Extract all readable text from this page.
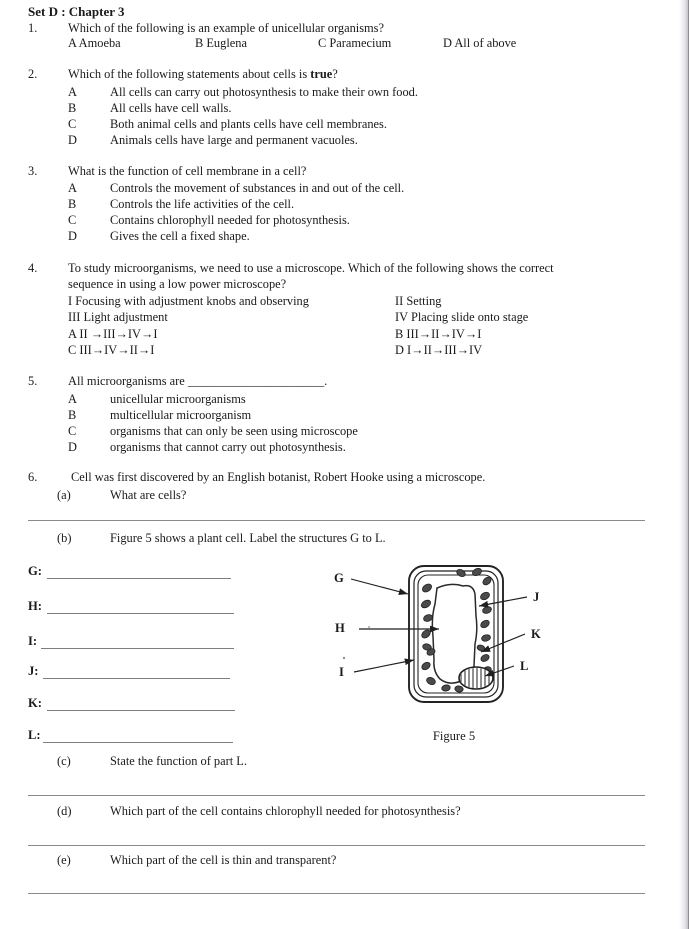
Set D : Chapter 3
1.	Which of the following is an example of unicellular organisms?
A Amoeba	B Euglena	C Paramecium	D All of above
2.	Which of the following statements about cells is true?
A	All cells can carry out photosynthesis to make their own food.
B	All cells have cell walls.
C	Both animal cells and plants cells have cell membranes.
D	Animals cells have large and permanent vacuoles.
3.	What is the function of cell membrane in a cell?
A	Controls the movement of substances in and out of the cell.
B	Controls the life activities of the cell.
C	Contains chlorophyll needed for photosynthesis.
D	Gives the cell a fixed shape.
4.	To study microorganisms, we need to use a microscope. Which of the following shows the correct
sequence in using a low power microscope?
I Focusing with adjustment knobs and observing	II Setting
III Light adjustment	IV Placing slide onto stage
A II →III→IV→I	B III→II→IV→I
C III→IV→II→I	D I→II→III→IV
5.	All microorganisms are ______________________.
A	unicellular microorganisms
B	multicellular microorganism
C	organisms that can only be seen using microscope
D	organisms that cannot carry out photosynthesis.
6.	Cell was first discovered by an English botanist, Robert Hooke using a microscope.
(a)	What are cells?
(b)	Figure 5 shows a plant cell. Label the structures G to L.
G:
H:
I:
J:
K:
L:
G
H
I
J
K
L
Figure 5
(c)	State the function of part L.
(d)	Which part of the cell contains chlorophyll needed for photosynthesis?
(e)	Which part of the cell is thin and transparent?
